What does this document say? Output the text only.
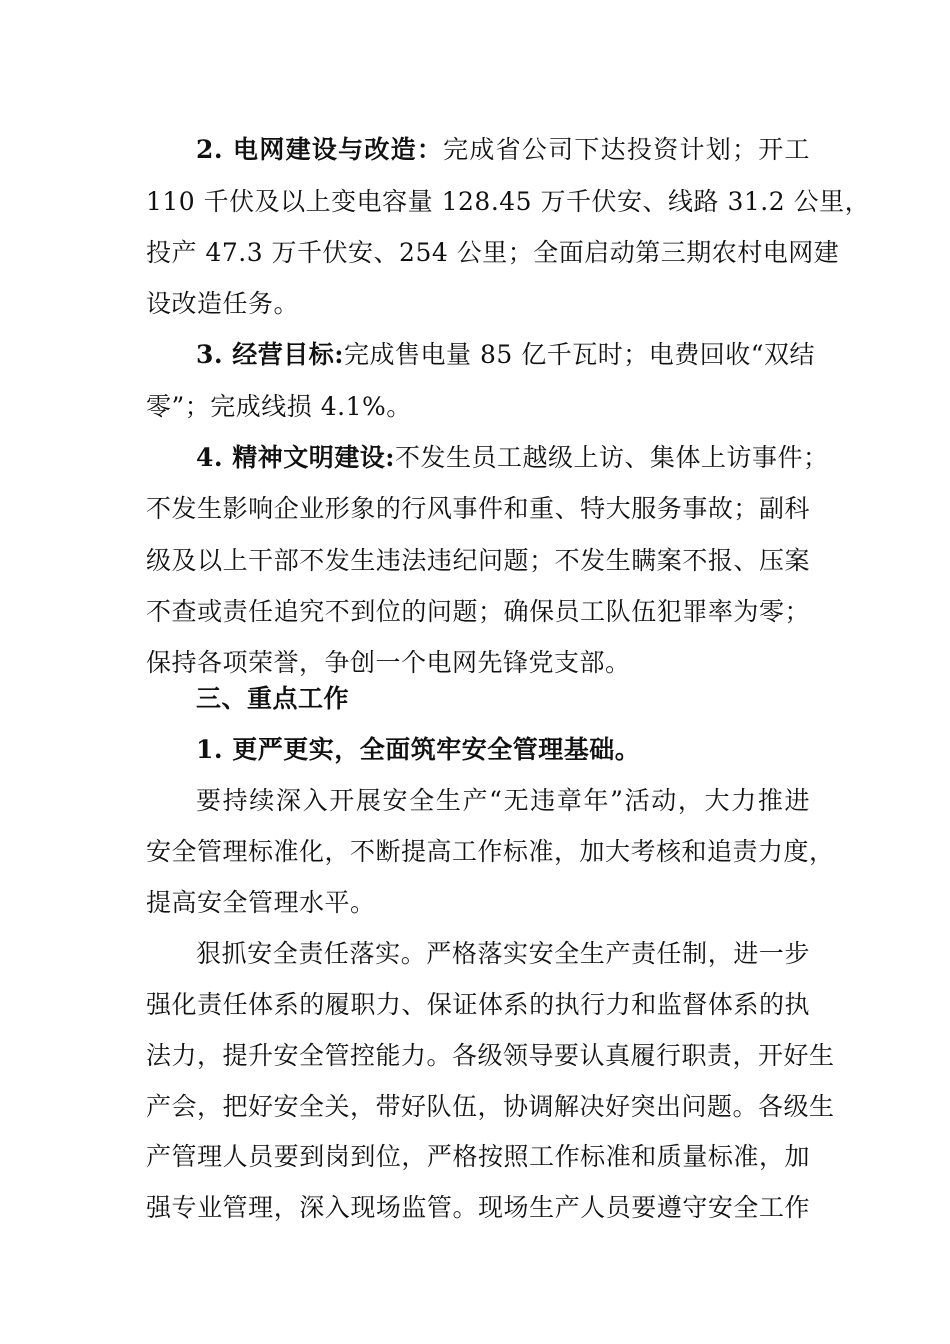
2. 电网建设与改造：完成省公司下达投资计划；开工
110 千伏及以上变电容量 128.45 万千伏安、线路 31.2 公里，
投产 47.3 万千伏安、254 公里；全面启动第三期农村电网建
设改造任务。
3. 经营目标:完成售电量 85 亿千瓦时；电费回收“双结
零”；完成线损 4.1%。
4. 精神文明建设:不发生员工越级上访、集体上访事件；
不发生影响企业形象的行风事件和重、特大服务事故；副科
级及以上干部不发生违法违纪问题；不发生瞒案不报、压案
不查或责任追究不到位的问题；确保员工队伍犯罪率为零；
保持各项荣誉，争创一个电网先锋党支部。
三、重点工作
1. 更严更实，全面筑牢安全管理基础。
要持续深入开展安全生产“无违章年”活动，大力推进
安全管理标准化，不断提高工作标准，加大考核和追责力度，
提高安全管理水平。
狠抓安全责任落实。严格落实安全生产责任制，进一步
强化责任体系的履职力、保证体系的执行力和监督体系的执
法力，提升安全管控能力。各级领导要认真履行职责，开好生
产会，把好安全关，带好队伍，协调解决好突出问题。各级生
产管理人员要到岗到位，严格按照工作标准和质量标准，加
强专业管理，深入现场监管。现场生产人员要遵守安全工作
